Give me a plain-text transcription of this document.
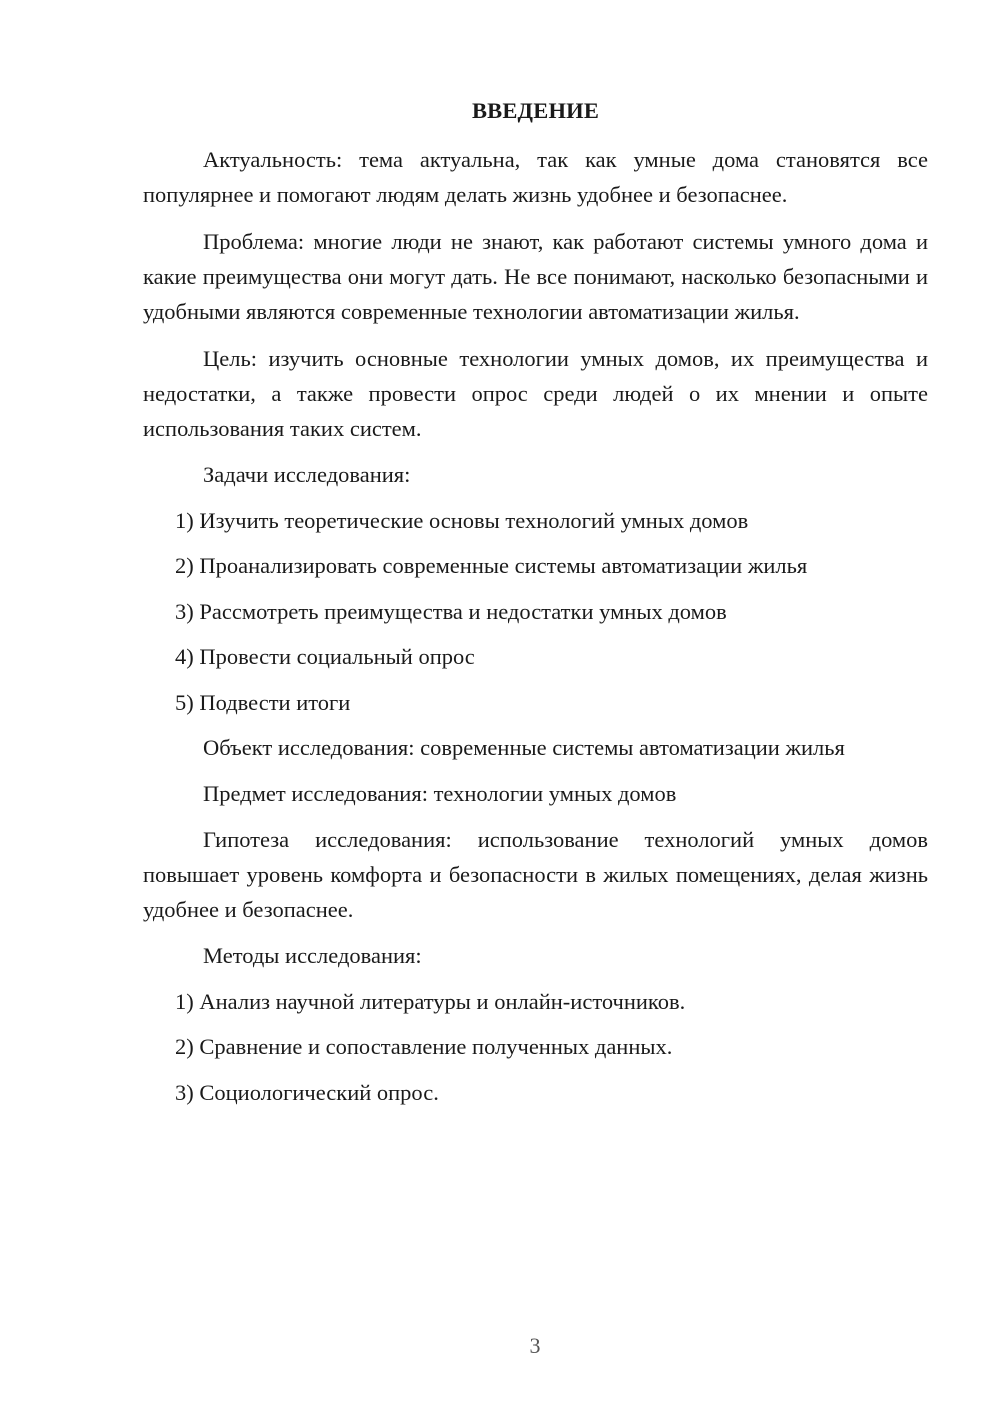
ВВЕДЕНИЕ

Актуальность: тема актуальна, так как умные дома становятся все популярнее и помогают людям делать жизнь удобнее и безопаснее.

Проблема: многие люди не знают, как работают системы умного дома и какие преимущества они могут дать. Не все понимают, насколько безопасными и удобными являются современные технологии автоматизации жилья.

Цель: изучить основные технологии умных домов, их преимущества и недостатки, а также провести опрос среди людей о их мнении и опыте использования таких систем.

Задачи исследования:
1) Изучить теоретические основы технологий умных домов
2) Проанализировать современные системы автоматизации жилья
3) Рассмотреть преимущества и недостатки умных домов
4) Провести социальный опрос
5) Подвести итоги
Объект исследования: современные системы автоматизации жилья
Предмет исследования: технологии умных домов

Гипотеза исследования: использование технологий умных домов повышает уровень комфорта и безопасности в жилых помещениях, делая жизнь удобнее и безопаснее.

Методы исследования:
1) Анализ научной литературы и онлайн-источников.
2) Сравнение и сопоставление полученных данных.
3) Социологический опрос.
3
